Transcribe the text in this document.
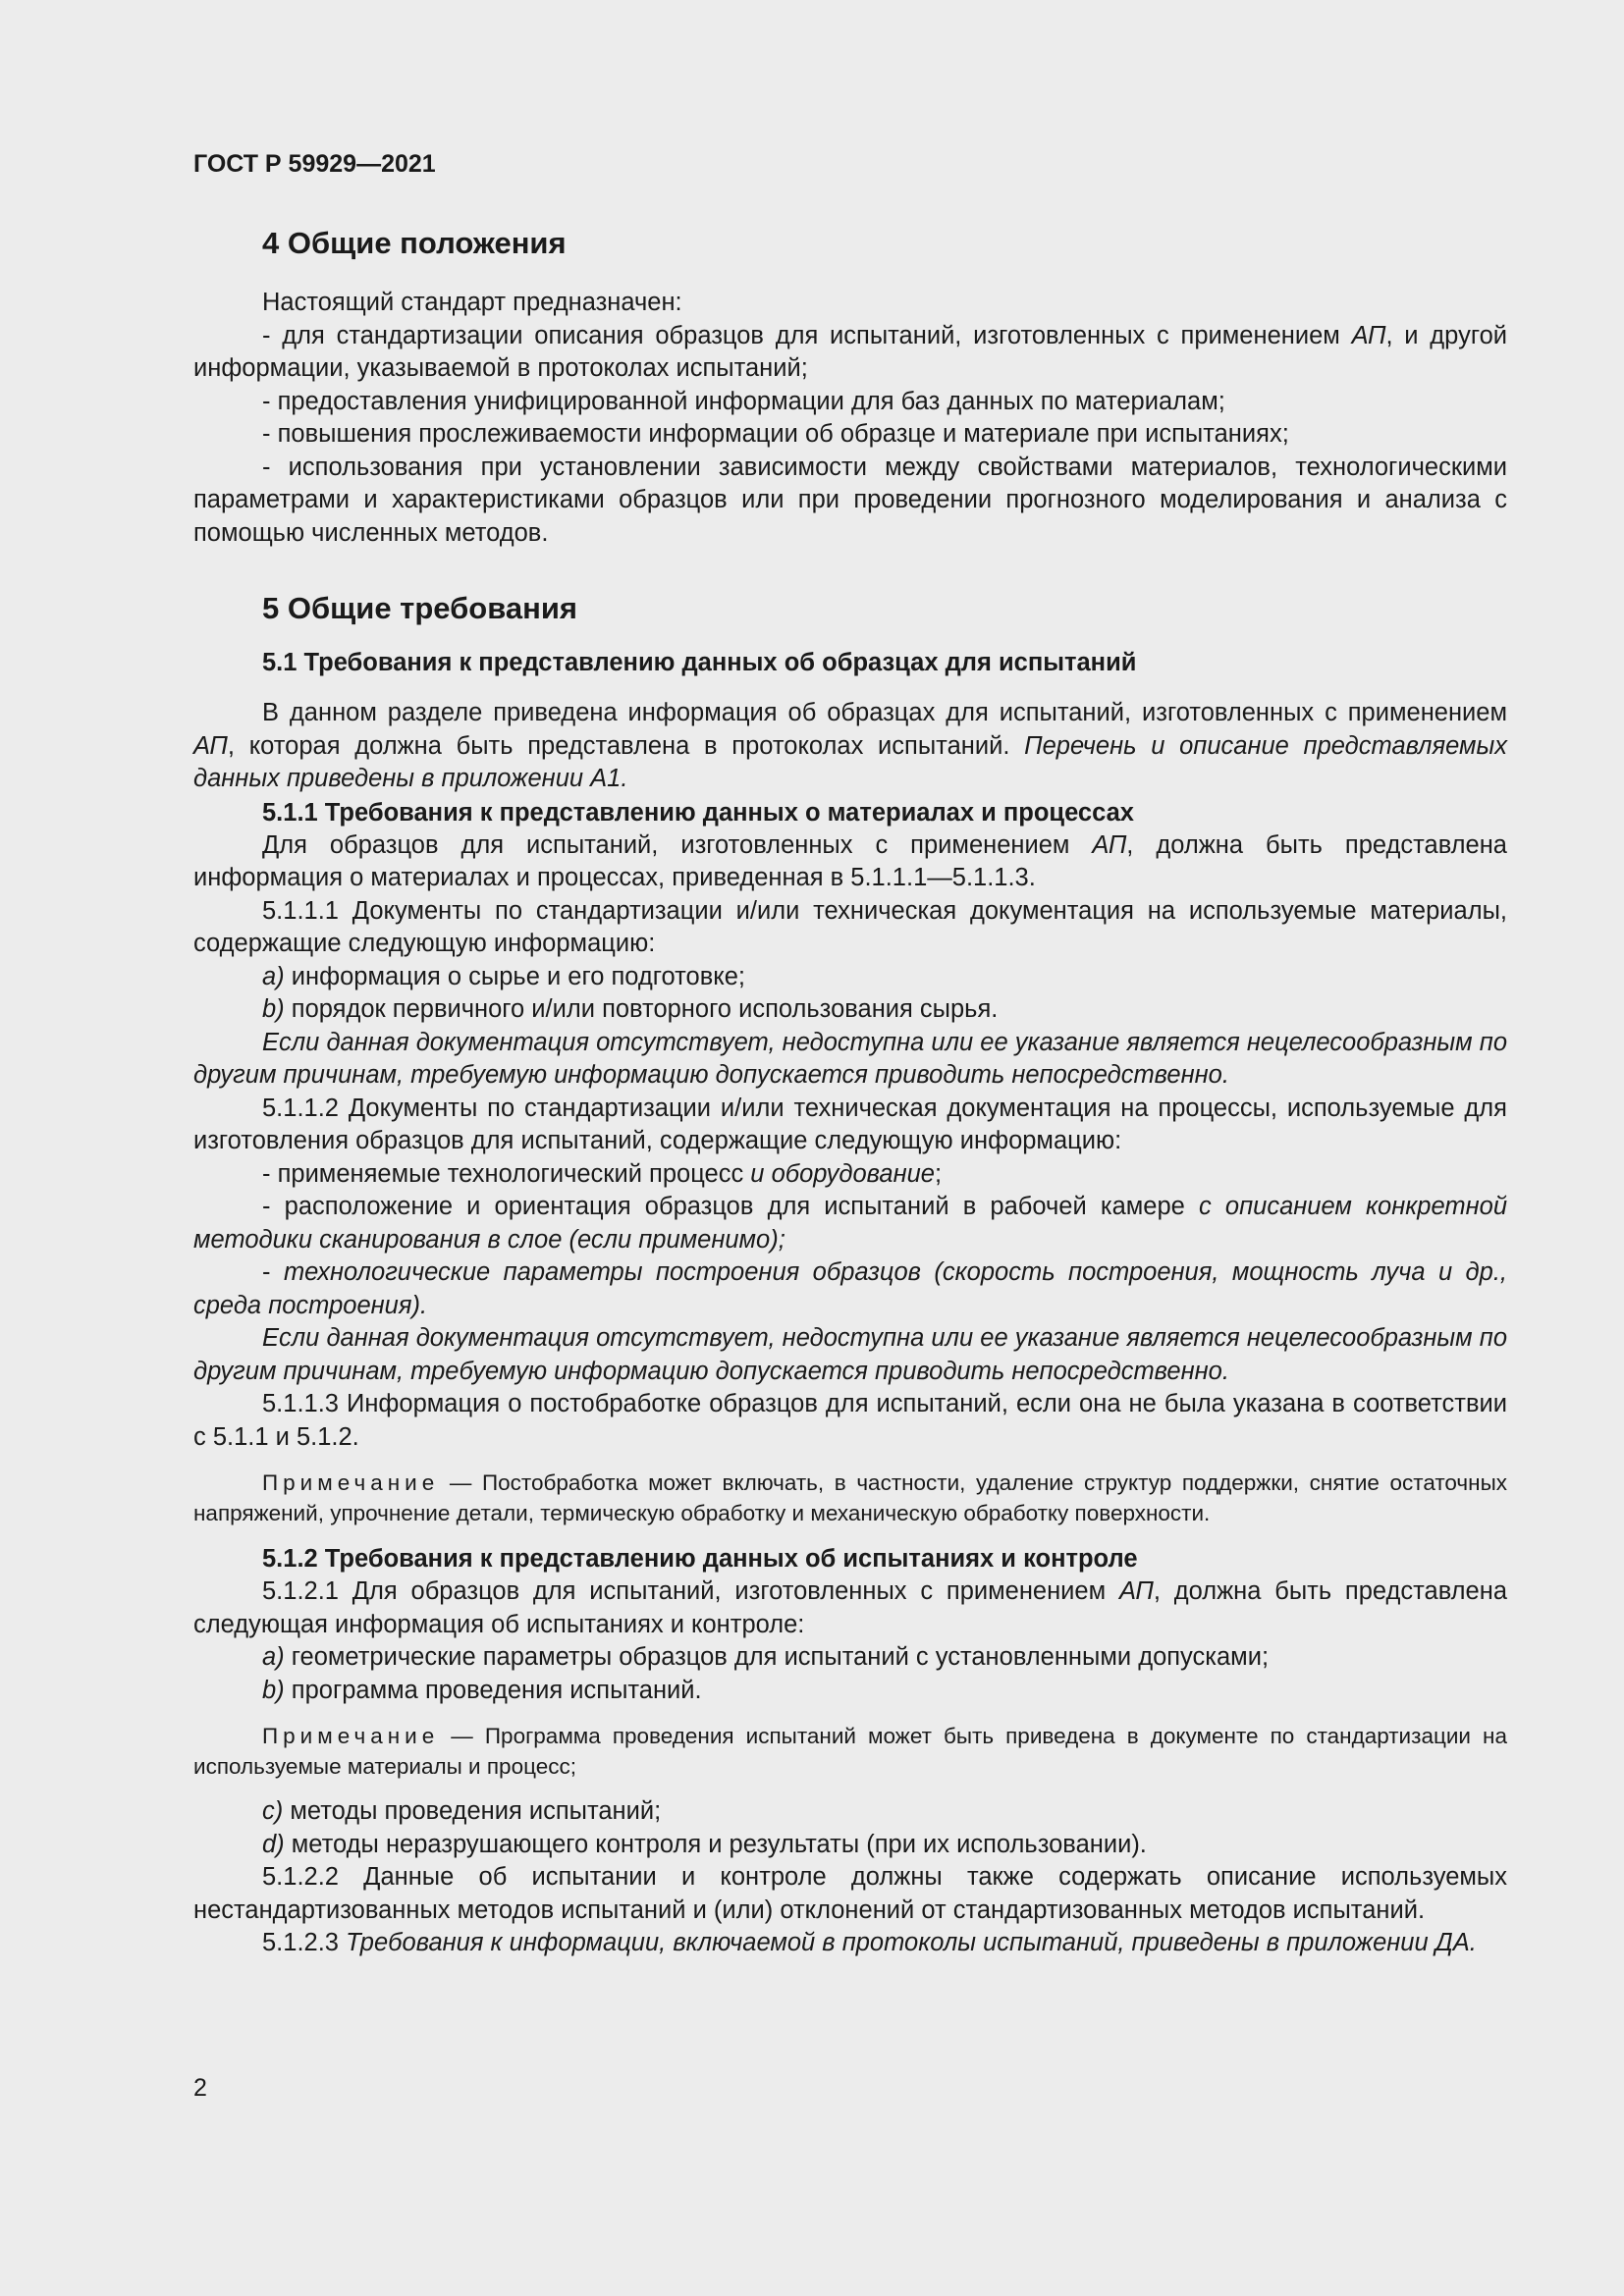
ГОСТ Р 59929—2021
4 Общие положения

Настоящий стандарт предназначен:

- для стандартизации описания образцов для испытаний, изготовленных с применением АП, и другой информации, указываемой в протоколах испытаний;

- предоставления унифицированной информации для баз данных по материалам;

- повышения прослеживаемости информации об образце и материале при испытаниях;

- использования при установлении зависимости между свойствами материалов, технологическими параметрами и характеристиками образцов или при проведении прогнозного моделирования и анализа с помощью численных методов.

5 Общие требования
5.1 Требования к представлению данных об образцах для испытаний

В данном разделе приведена информация об образцах для испытаний, изготовленных с применением АП, которая должна быть представлена в протоколах испытаний. Перечень и описание представляемых данных приведены в приложении А1.

5.1.1 Требования к представлению данных о материалах и процессах

Для образцов для испытаний, изготовленных с применением АП, должна быть представлена информация о материалах и процессах, приведенная в 5.1.1.1—5.1.1.3.

5.1.1.1 Документы по стандартизации и/или техническая документация на используемые материалы, содержащие следующую информацию:

a) информация о сырье и его подготовке;

b) порядок первичного и/или повторного использования сырья.

Если данная документация отсутствует, недоступна или ее указание является нецелесообразным по другим причинам, требуемую информацию допускается приводить непосредственно.

5.1.1.2 Документы по стандартизации и/или техническая документация на процессы, используемые для изготовления образцов для испытаний, содержащие следующую информацию:

- применяемые технологический процесс и оборудование;

- расположение и ориентация образцов для испытаний в рабочей камере с описанием конкретной методики сканирования в слое (если применимо);

- технологические параметры построения образцов (скорость построения, мощность луча и др., среда построения).

Если данная документация отсутствует, недоступна или ее указание является нецелесообразным по другим причинам, требуемую информацию допускается приводить непосредственно.

5.1.1.3 Информация о постобработке образцов для испытаний, если она не была указана в соответствии с 5.1.1 и 5.1.2.

Примечание — Постобработка может включать, в частности, удаление структур поддержки, снятие остаточных напряжений, упрочнение детали, термическую обработку и механическую обработку поверхности.

5.1.2 Требования к представлению данных об испытаниях и контроле

5.1.2.1 Для образцов для испытаний, изготовленных с применением АП, должна быть представлена следующая информация об испытаниях и контроле:

a) геометрические параметры образцов для испытаний с установленными допусками;

b) программа проведения испытаний.

Примечание — Программа проведения испытаний может быть приведена в документе по стандартизации на используемые материалы и процесс;

c) методы проведения испытаний;

d) методы неразрушающего контроля и результаты (при их использовании).

5.1.2.2 Данные об испытании и контроле должны также содержать описание используемых нестандартизованных методов испытаний и (или) отклонений от стандартизованных методов испытаний.

5.1.2.3 Требования к информации, включаемой в протоколы испытаний, приведены в приложении ДА.

2
